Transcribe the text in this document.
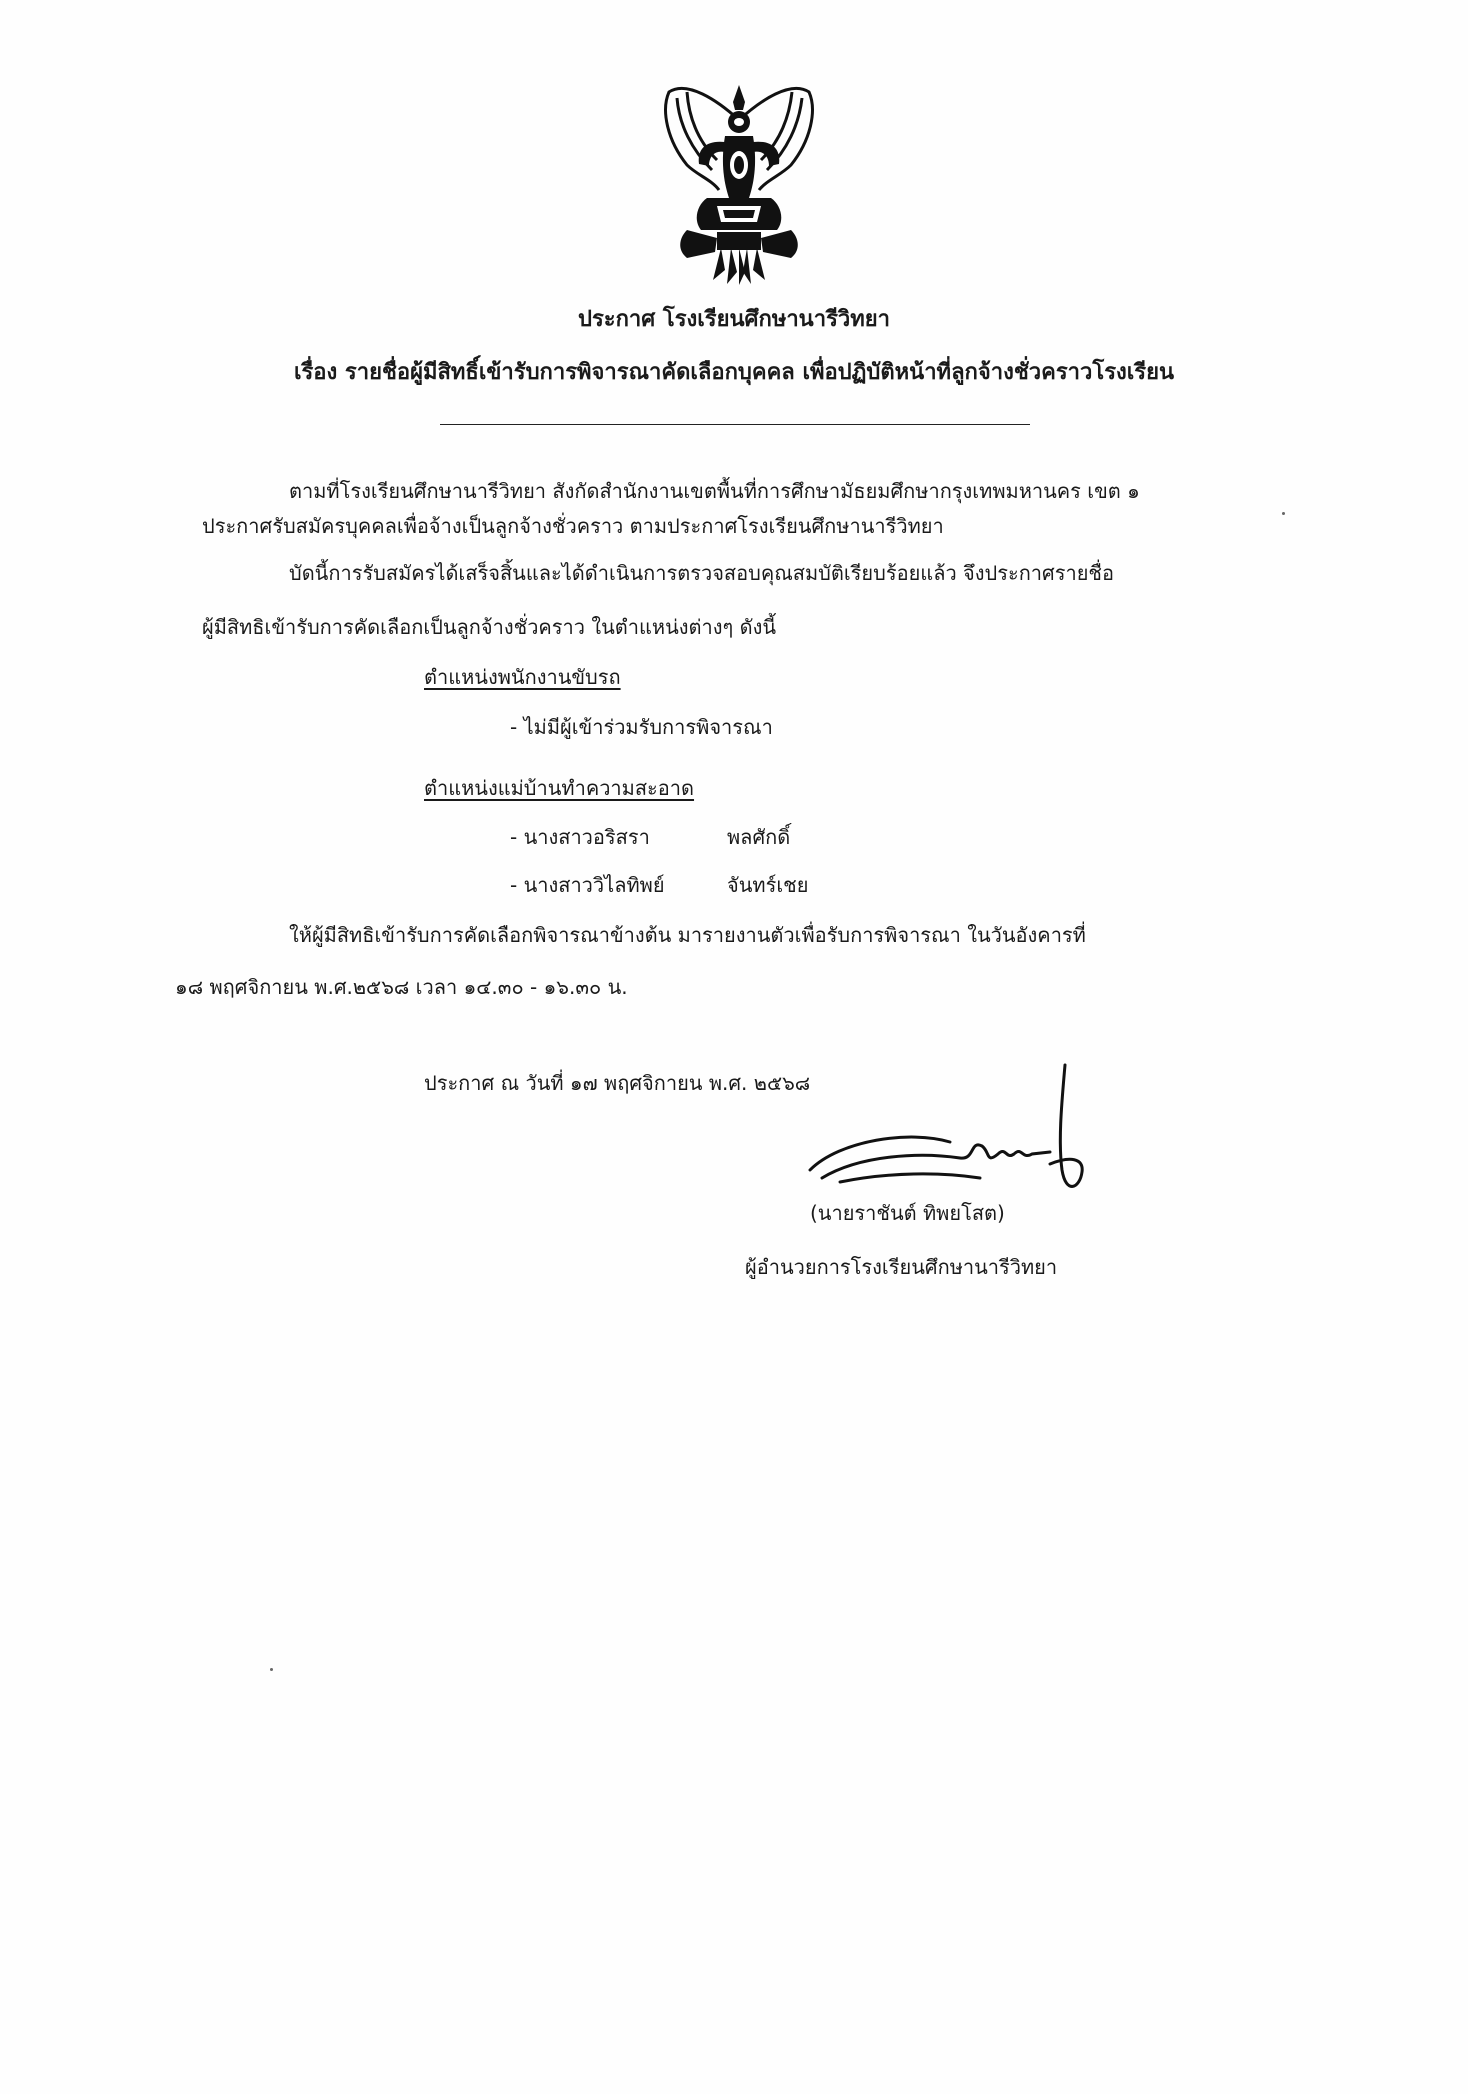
ประกาศ โรงเรียนศึกษานารีวิทยา
เรื่อง รายชื่อผู้มีสิทธิ์เข้ารับการพิจารณาคัดเลือกบุคคล เพื่อปฏิบัติหน้าที่ลูกจ้างชั่วคราวโรงเรียน
ตามที่โรงเรียนศึกษานารีวิทยา สังกัดสำนักงานเขตพื้นที่การศึกษามัธยมศึกษากรุงเทพมหานคร เขต ๑
ประกาศรับสมัครบุคคลเพื่อจ้างเป็นลูกจ้างชั่วคราว ตามประกาศโรงเรียนศึกษานารีวิทยา
บัดนี้การรับสมัครได้เสร็จสิ้นและได้ดำเนินการตรวจสอบคุณสมบัติเรียบร้อยแล้ว จึงประกาศรายชื่อ
ผู้มีสิทธิเข้ารับการคัดเลือกเป็นลูกจ้างชั่วคราว ในตำแหน่งต่างๆ ดังนี้
ตำแหน่งพนักงานขับรถ
- ไม่มีผู้เข้าร่วมรับการพิจารณา
ตำแหน่งแม่บ้านทำความสะอาด
- นางสาวอริสรา	พลศักดิ์
- นางสาววิไลทิพย์	จันทร์เชย
ให้ผู้มีสิทธิเข้ารับการคัดเลือกพิจารณาข้างต้น มารายงานตัวเพื่อรับการพิจารณา ในวันอังคารที่
๑๘ พฤศจิกายน พ.ศ.๒๕๖๘ เวลา ๑๔.๓๐ - ๑๖.๓๐ น.
ประกาศ ณ วันที่ ๑๗ พฤศจิกายน พ.ศ. ๒๕๖๘
(นายราชันต์ ทิพยโสต)
ผู้อำนวยการโรงเรียนศึกษานารีวิทยา
